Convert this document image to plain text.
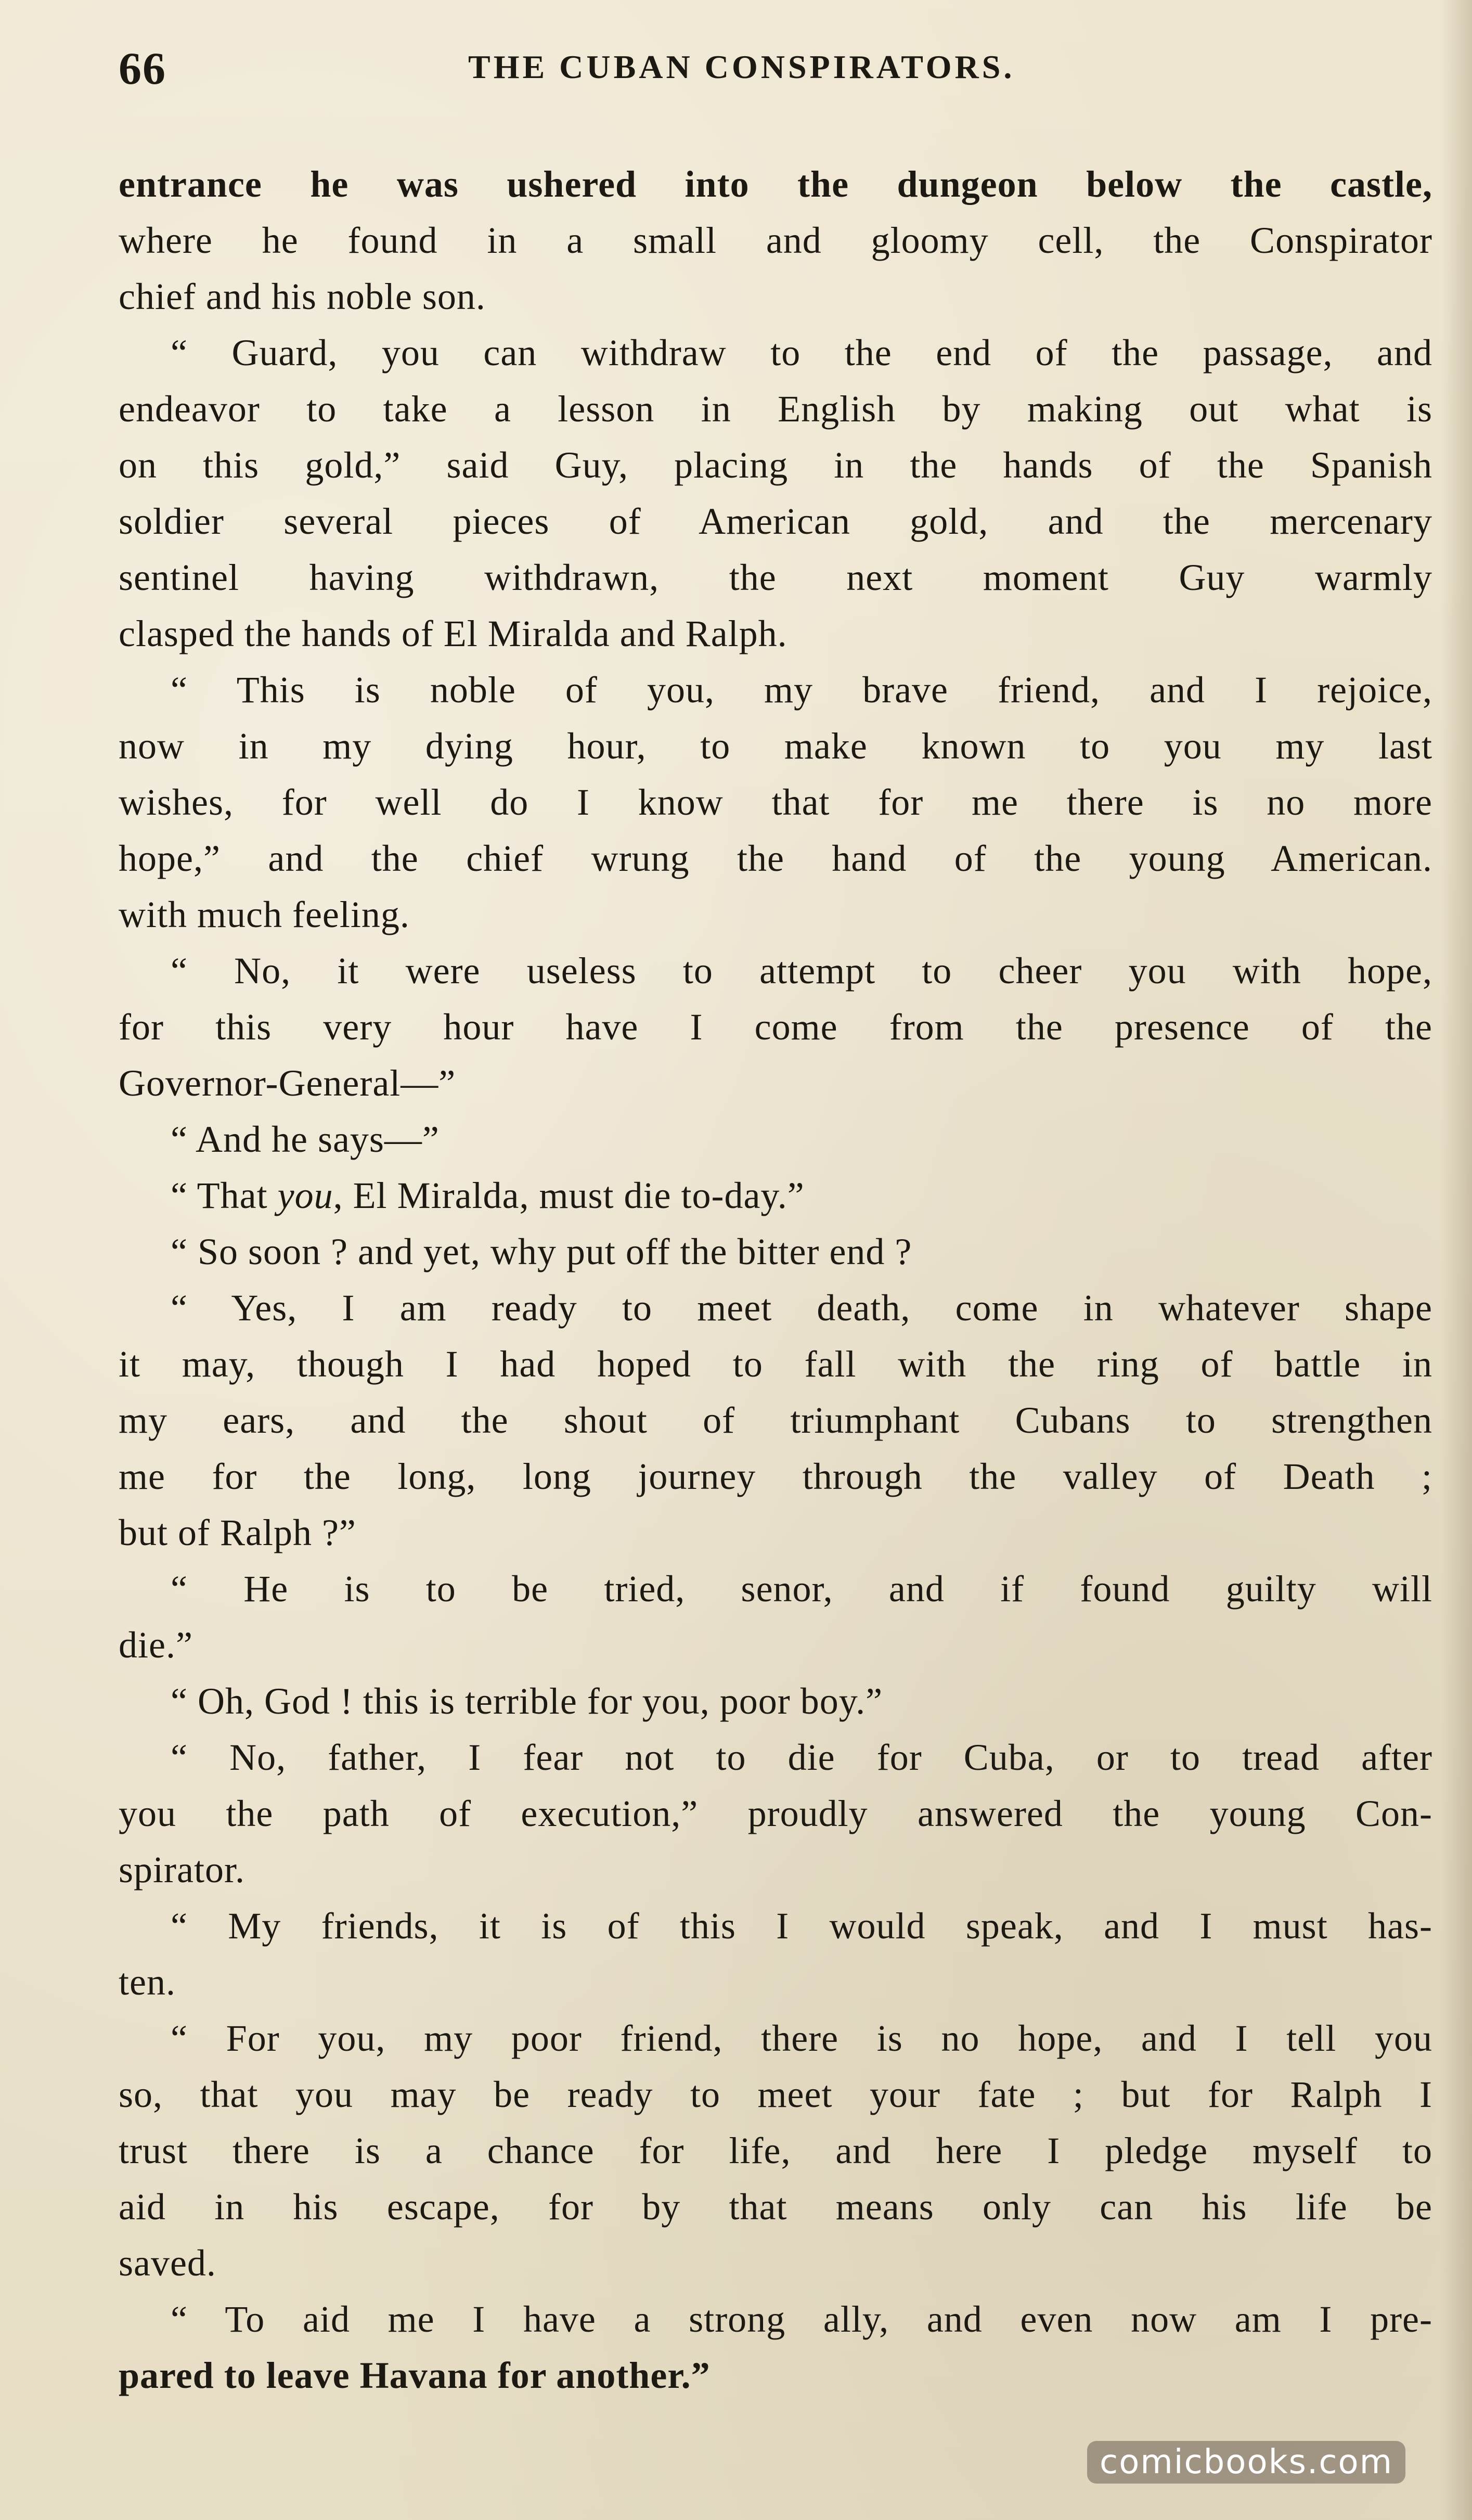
66	THE CUBAN CONSPIRATORS.
entrance he was ushered into the dungeon below the castle,
where he found in a small and gloomy cell, the Conspirator
chief and his noble son.
“ Guard, you can withdraw to the end of the passage, and
endeavor to take a lesson in English by making out what is
on this gold,” said Guy, placing in the hands of the Spanish
soldier several pieces of American gold, and the mercenary
sentinel having withdrawn, the next moment Guy warmly
clasped the hands of El Miralda and Ralph.
“ This is noble of you, my brave friend, and I rejoice,
now in my dying hour, to make known to you my last
wishes, for well do I know that for me there is no more
hope,” and the chief wrung the hand of the young American.
with much feeling.
“ No, it were useless to attempt to cheer you with hope,
for this very hour have I come from the presence of the
Governor-General—”
“ And he says—”
“ That you, El Miralda, must die to-day.”
“ So soon ? and yet, why put off the bitter end ?
“ Yes, I am ready to meet death, come in whatever shape
it may, though I had hoped to fall with the ring of battle in
my ears, and the shout of triumphant Cubans to strengthen
me for the long, long journey through the valley of Death ;
but of Ralph ?”
“ He is to be tried, senor, and if found guilty will
die.”
“ Oh, God ! this is terrible for you, poor boy.”
“ No, father, I fear not to die for Cuba, or to tread after
you the path of execution,” proudly answered the young Con-
spirator.
“ My friends, it is of this I would speak, and I must has-
ten.
“ For you, my poor friend, there is no hope, and I tell you
so, that you may be ready to meet your fate ; but for Ralph I
trust there is a chance for life, and here I pledge myself to
aid in his escape, for by that means only can his life be
saved.
“ To aid me I have a strong ally, and even now am I pre-
pared to leave Havana for another.”
comicbooks.com
